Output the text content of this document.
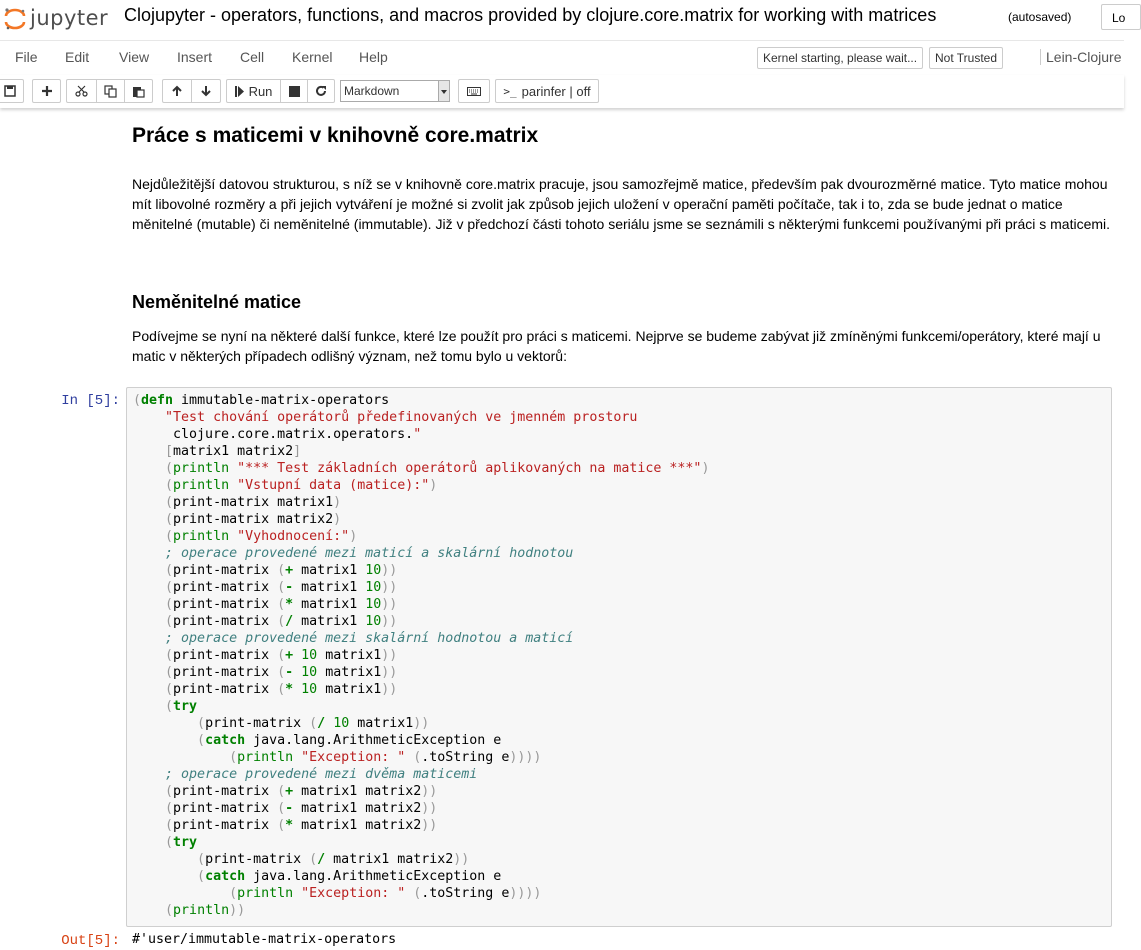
jupyter Clojupyter - operators, functions, and macros provided by clojure.core.matrix for working with matrices	(autosaved)	Lo
File Edit View Insert Cell Kernel Help	Kernel starting, please wait...	Not Trusted	Lein-Clojure
Run	Markdown	>_ parinfer | off
Práce s maticemi v knihovně core.matrix
Nejdůležitější datovou strukturou, s níž se v knihovně core.matrix pracuje, jsou samozřejmě matice, především pak dvourozměrné matice. Tyto matice mohou mít libovolné rozměry a při jejich vytváření je možné si zvolit jak způsob jejich uložení v operační paměti počítače, tak i to, zda se bude jednat o matice měnitelné (mutable) či neměnitelné (immutable). Již v předchozí části tohoto seriálu jsme se seznámili s některými funkcemi používanými při práci s maticemi.
Neměnitelné matice
Podívejme se nyní na některé další funkce, které lze použít pro práci s maticemi. Nejprve se budeme zabývat již zmíněnými funkcemi/operátory, které mají u matic v některých případech odlišný význam, než tomu bylo u vektorů:
In [5]: (defn immutable-matrix-operators
"Test chování operátorů předefinovaných ve jmenném prostoru
clojure.core.matrix.operators."
[matrix1 matrix2]
(println "*** Test základních operátorů aplikovaných na matice ***")
(println "Vstupní data (matice):")
(print-matrix matrix1)
(print-matrix matrix2)
(println "Vyhodnocení:")
; operace provedené mezi maticí a skalární hodnotou
(print-matrix (+ matrix1 10))
(print-matrix (- matrix1 10))
(print-matrix (* matrix1 10))
(print-matrix (/ matrix1 10))
; operace provedené mezi skalární hodnotou a maticí
(print-matrix (+ 10 matrix1))
(print-matrix (- 10 matrix1))
(print-matrix (* 10 matrix1))
(try
(print-matrix (/ 10 matrix1))
(catch java.lang.ArithmeticException e
(println "Exception: " (.toString e))))
; operace provedené mezi dvěma maticemi
(print-matrix (+ matrix1 matrix2))
(print-matrix (- matrix1 matrix2))
(print-matrix (* matrix1 matrix2))
(try
(print-matrix (/ matrix1 matrix2))
(catch java.lang.ArithmeticException e
(println "Exception: " (.toString e))))
(println))
Out[5]: #'user/immutable-matrix-operators
